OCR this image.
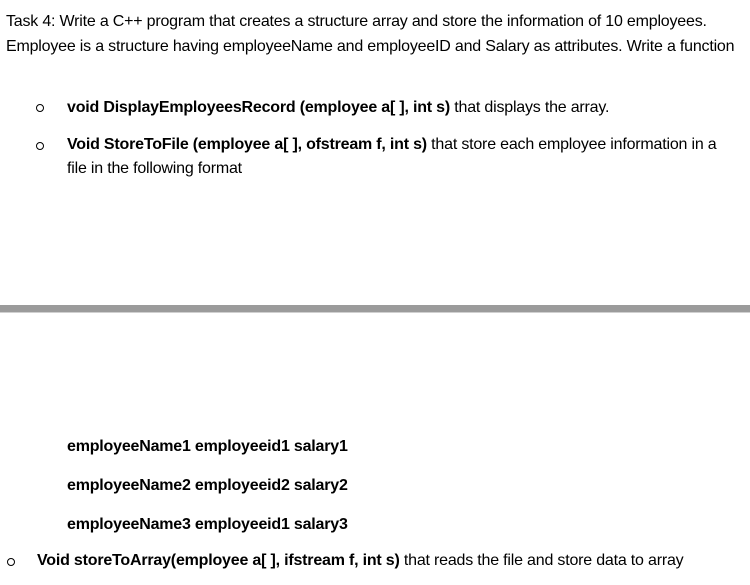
Task 4: Write a C++ program that creates a structure array and store the information of 10 employees. Employee is a structure having employeeName and employeeID and Salary as attributes. Write a function

void DisplayEmployeesRecord (employee a[ ], int s) that displays the array.
Void StoreToFile (employee a[ ], ofstream f, int s) that store each employee information in a file in the following format
employeeName1 employeeid1 salary1
employeeName2 employeeid2 salary2
employeeName3 employeeid1 salary3
Void storeToArray(employee a[ ], ifstream f, int s) that reads the file and store data to array
